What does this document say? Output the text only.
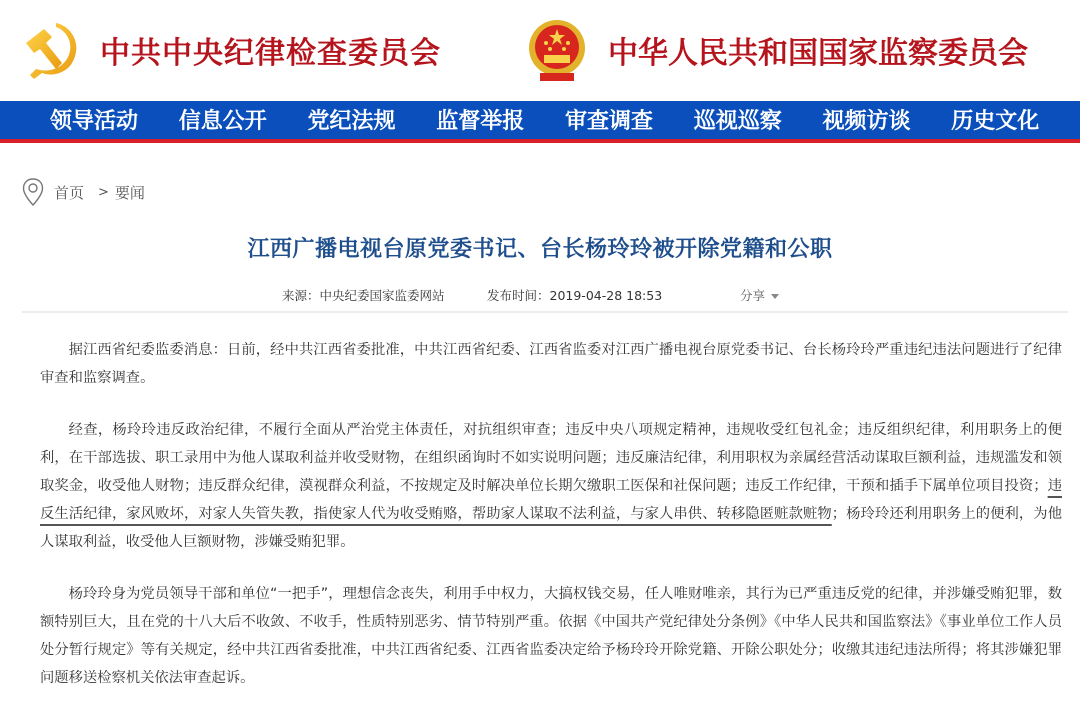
中共中央纪律检查委员会	中华人民共和国国家监察委员会
领导活动	信息公开	党纪法规	监督举报	审查调查	巡视巡察	视频访谈	历史文化
首页 > 要闻
江西广播电视台原党委书记、台长杨玲玲被开除党籍和公职
来源：中央纪委国家监委网站	发布时间：2019-04-28 18:53	分享

据江西省纪委监委消息：日前，经中共江西省委批准，中共江西省纪委、江西省监委对江西广播电视台原党委书记、台长杨玲玲严重违纪违法问题进行了纪律审查和监察调查。

经查，杨玲玲违反政治纪律，不履行全面从严治党主体责任，对抗组织审查；违反中央八项规定精神，违规收受红包礼金；违反组织纪律，利用职务上的便利，在干部选拔、职工录用中为他人谋取利益并收受财物，在组织函询时不如实说明问题；违反廉洁纪律，利用职权为亲属经营活动谋取巨额利益，违规滥发和领取奖金，收受他人财物；违反群众纪律，漠视群众利益，不按规定及时解决单位长期欠缴职工医保和社保问题；违反工作纪律，干预和插手下属单位项目投资；违反生活纪律，家风败坏，对家人失管失教，指使家人代为收受贿赂，帮助家人谋取不法利益，与家人串供、转移隐匿赃款赃物；杨玲玲还利用职务上的便利，为他人谋取利益，收受他人巨额财物，涉嫌受贿犯罪。

杨玲玲身为党员领导干部和单位“一把手”，理想信念丧失，利用手中权力，大搞权钱交易，任人唯财唯亲，其行为已严重违反党的纪律，并涉嫌受贿犯罪，数额特别巨大，且在党的十八大后不收敛、不收手，性质特别恶劣、情节特别严重。依据《中国共产党纪律处分条例》《中华人民共和国监察法》《事业单位工作人员处分暂行规定》等有关规定，经中共江西省委批准，中共江西省纪委、江西省监委决定给予杨玲玲开除党籍、开除公职处分；收缴其违纪违法所得；将其涉嫌犯罪问题移送检察机关依法审查起诉。
